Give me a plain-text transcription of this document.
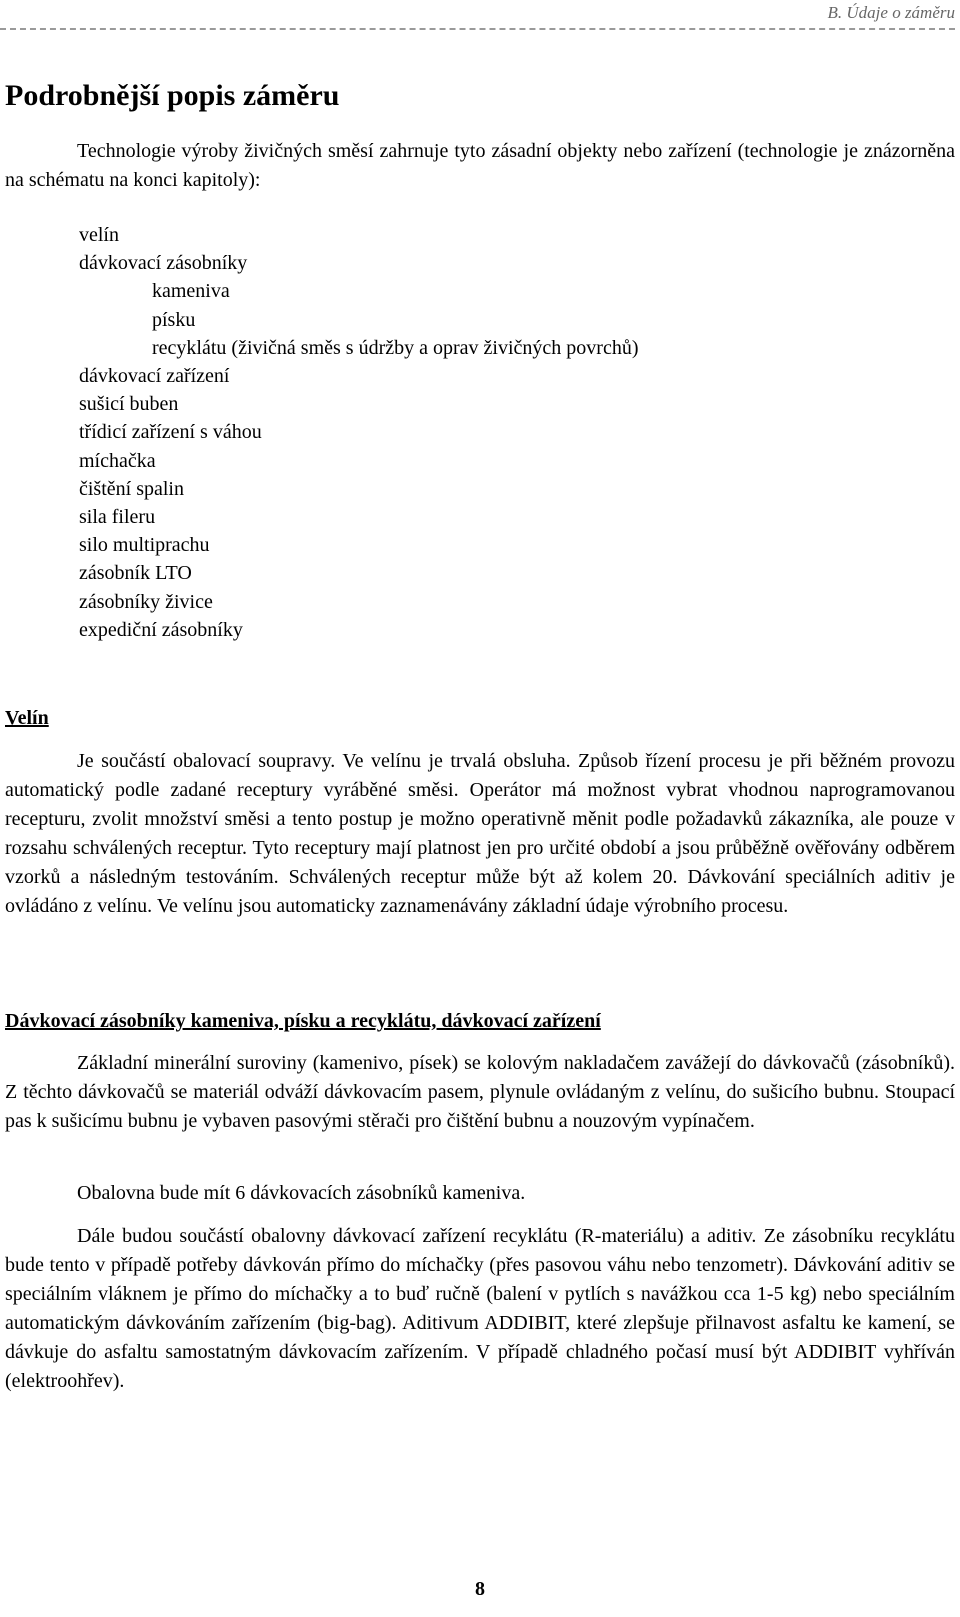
B. Údaje o záměru
Podrobnější popis záměru

Technologie výroby živičných směsí zahrnuje tyto zásadní objekty nebo zařízení (technologie je znázorněna na schématu na konci kapitoly):

velín
dávkovací zásobníky
kameniva
písku
recyklátu (živičná směs s údržby a oprav živičných povrchů)
dávkovací zařízení
sušicí buben
třídicí zařízení s váhou
míchačka
čištění spalin
sila fileru
silo multiprachu
zásobník LTO
zásobníky živice
expediční zásobníky
Velín

Je součástí obalovací soupravy. Ve velínu je trvalá obsluha. Způsob řízení procesu je při běžném provozu automatický podle zadané receptury vyráběné směsi. Operátor má možnost vybrat vhodnou naprogramovanou recepturu, zvolit množství směsi a tento postup je možno operativně měnit podle požadavků zákazníka, ale pouze v rozsahu schválených receptur. Tyto receptury mají platnost jen pro určité období a jsou průběžně ověřovány odběrem vzorků a následným testováním. Schválených receptur může být až kolem 20. Dávkování speciálních aditiv je ovládáno z velínu. Ve velínu jsou automaticky zaznamenávány základní údaje výrobního procesu.

Dávkovací zásobníky kameniva, písku a recyklátu, dávkovací zařízení

Základní minerální suroviny (kamenivo, písek) se kolovým nakladačem zavážejí do dávkovačů (zásobníků). Z těchto dávkovačů se materiál odváží dávkovacím pasem, plynule ovládaným z velínu, do sušicího bubnu. Stoupací pas k sušicímu bubnu je vybaven pasovými stěrači pro čištění bubnu a nouzovým vypínačem.

Obalovna bude mít 6 dávkovacích zásobníků kameniva.

Dále budou součástí obalovny dávkovací zařízení recyklátu (R-materiálu) a aditiv. Ze zásobníku recyklátu bude tento v případě potřeby dávkován přímo do míchačky (přes pasovou váhu nebo tenzometr). Dávkování aditiv se speciálním vláknem je přímo do míchačky a to buď ručně (balení v pytlích s navážkou cca 1-5 kg) nebo speciálním automatickým dávkováním zařízením (big-bag). Aditivum ADDIBIT, které zlepšuje přilnavost asfaltu ke kamení, se dávkuje do asfaltu samostatným dávkovacím zařízením. V případě chladného počasí musí být ADDIBIT vyhříván (elektroohřev).

8
